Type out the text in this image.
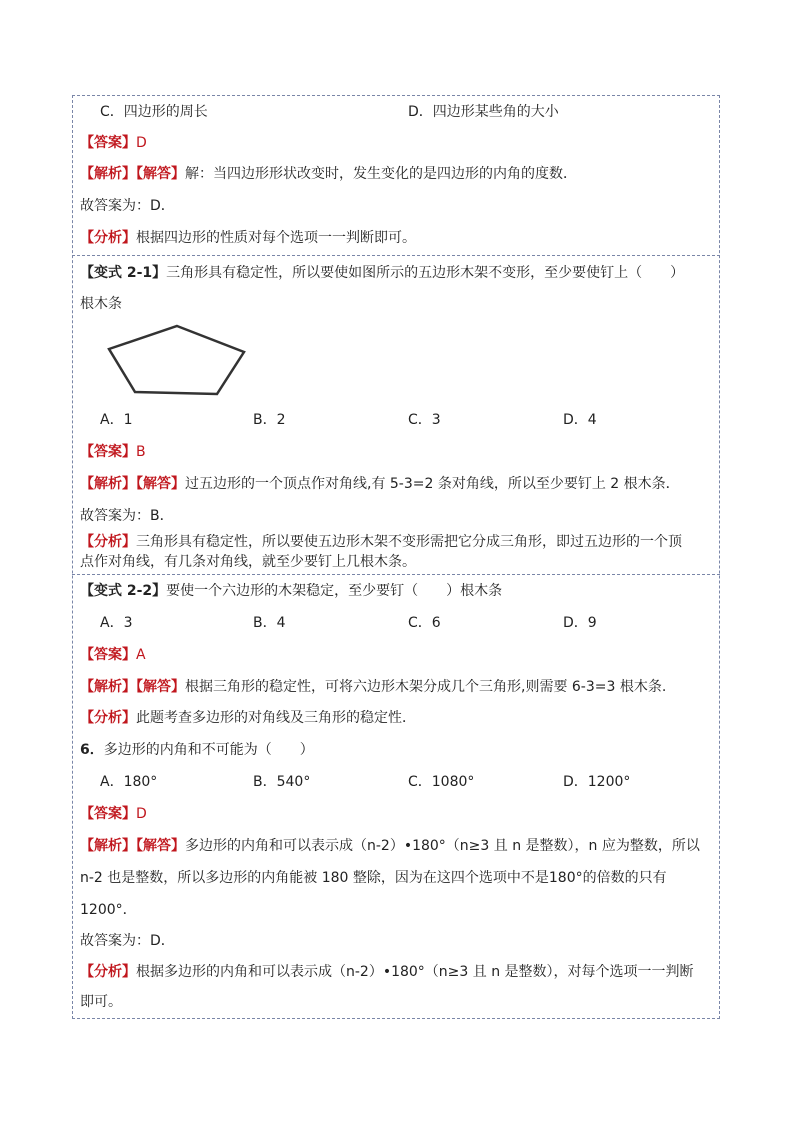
C．四边形的周长	D．四边形某些角的大小
【答案】D
【解析】【解答】解：当四边形形状改变时，发生变化的是四边形的内角的度数．
故答案为：D．
【分析】根据四边形的性质对每个选项一一判断即可。
【变式 2-1】三角形具有稳定性，所以要使如图所示的五边形木架不变形，至少要使钉上（　　）
根木条
A．1	B．2	C．3	D．4
【答案】B
【解析】【解答】过五边形的一个顶点作对角线,有 5-3=2 条对角线，所以至少要钉上 2 根木条．
故答案为：B．
【分析】三角形具有稳定性，所以要使五边形木架不变形需把它分成三角形，即过五边形的一个顶
点作对角线，有几条对角线，就至少要钉上几根木条。
【变式 2-2】要使一个六边形的木架稳定，至少要钉（　　）根木条
A．3	B．4	C．6	D．9
【答案】A
【解析】【解答】根据三角形的稳定性，可将六边形木架分成几个三角形,则需要 6-3=3 根木条.
【分析】此题考查多边形的对角线及三角形的稳定性．
6．多边形的内角和不可能为（　　）
A．180°	B．540°	C．1080°	D．1200°
【答案】D
【解析】【解答】多边形的内角和可以表示成（n-2）•180°（n≥3 且 n 是整数），n 应为整数，所以
n-2 也是整数，所以多边形的内角能被 180 整除，因为在这四个选项中不是180°的倍数的只有
1200°．
故答案为：D．
【分析】根据多边形的内角和可以表示成（n-2）•180°（n≥3 且 n 是整数），对每个选项一一判断
即可。
